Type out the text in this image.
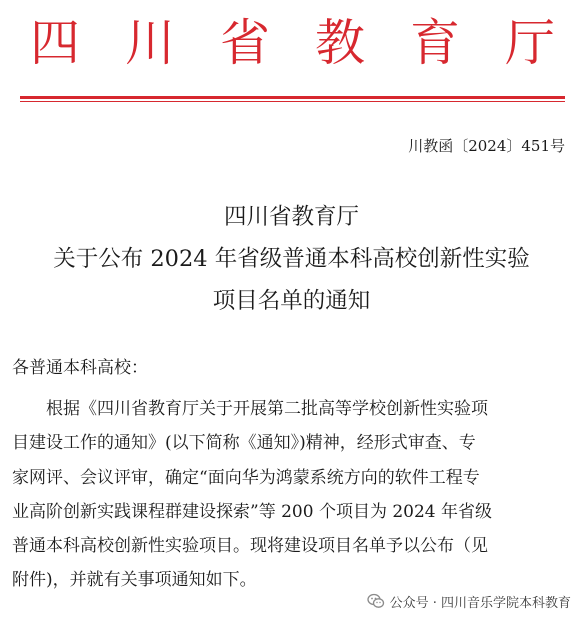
四 川 省 教 育 厅
川教函〔2024〕451号
四川省教育厅
关于公布 2024 年省级普通本科高校创新性实验
项目名单的通知
各普通本科高校：
根据《四川省教育厅关于开展第二批高等学校创新性实验项
目建设工作的通知》(以下简称《通知》)精神，经形式审查、专
家网评、会议评审，确定“面向华为鸿蒙系统方向的软件工程专
业高阶创新实践课程群建设探索”等 200 个项目为 2024 年省级
普通本科高校创新性实验项目。现将建设项目名单予以公布（见
附件)，并就有关事项通知如下。
公众号 · 四川音乐学院本科教育
